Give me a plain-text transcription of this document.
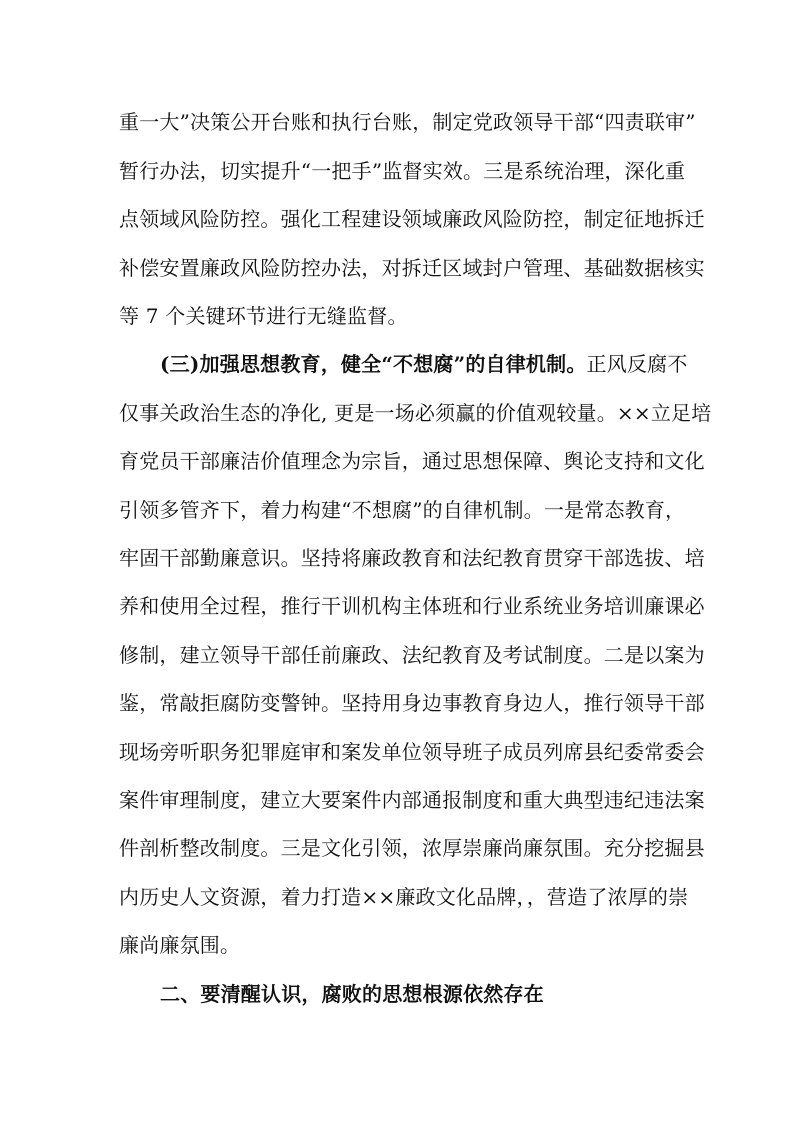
重一大”决策公开台账和执行台账，制定党政领导干部“四责联审”
暂行办法，切实提升“一把手”监督实效。三是系统治理，深化重
点领域风险防控。强化工程建设领域廉政风险防控，制定征地拆迁
补偿安置廉政风险防控办法，对拆迁区域封户管理、基础数据核实
等 7 个关键环节进行无缝监督。
(三)加强思想教育，健全“不想腐”的自律机制。正风反腐不
仅事关政治生态的净化, 更是一场必须赢的价值观较量。××立足培
育党员干部廉洁价值理念为宗旨，通过思想保障、舆论支持和文化
引领多管齐下，着力构建“不想腐”的自律机制。一是常态教育，
牢固干部勤廉意识。坚持将廉政教育和法纪教育贯穿干部选拔、培
养和使用全过程，推行干训机构主体班和行业系统业务培训廉课必
修制，建立领导干部任前廉政、法纪教育及考试制度。二是以案为
鉴，常敲拒腐防变警钟。坚持用身边事教育身边人，推行领导干部
现场旁听职务犯罪庭审和案发单位领导班子成员列席县纪委常委会
案件审理制度，建立大要案件内部通报制度和重大典型违纪违法案
件剖析整改制度。三是文化引领，浓厚崇廉尚廉氛围。充分挖掘县
内历史人文资源，着力打造××廉政文化品牌，，营造了浓厚的崇
廉尚廉氛围。
二、要清醒认识，腐败的思想根源依然存在
